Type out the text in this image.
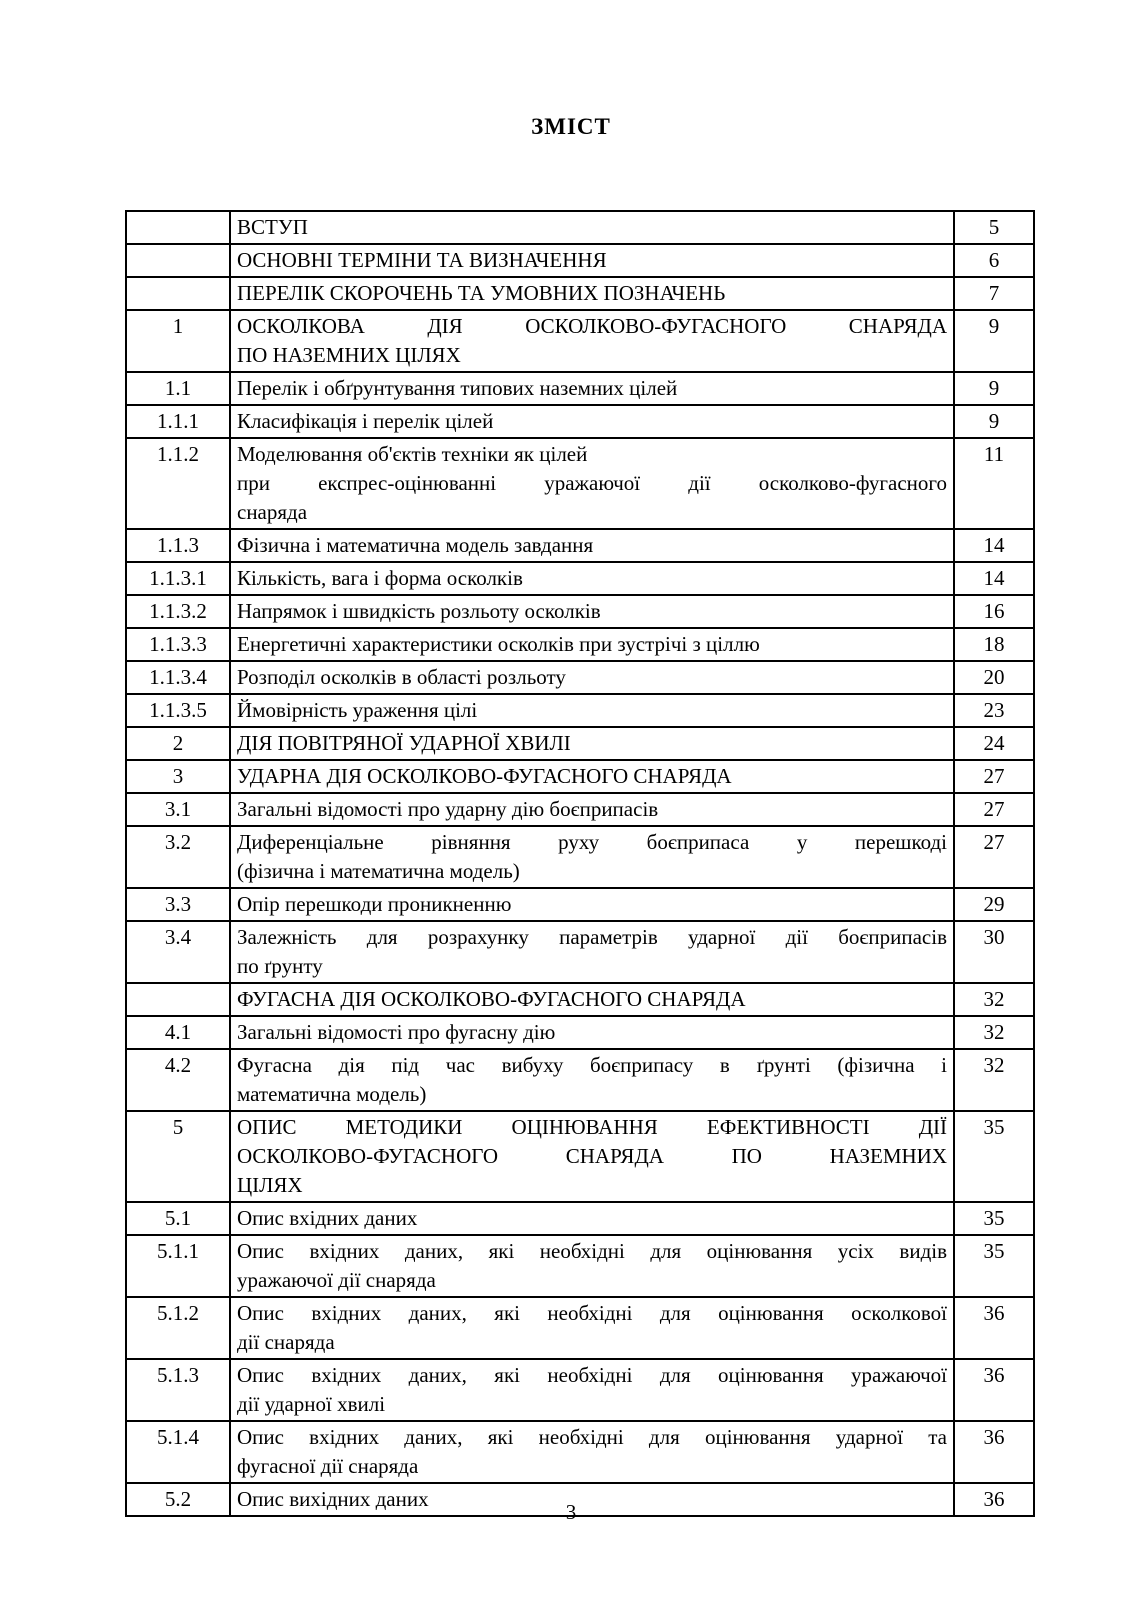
ЗМІСТ

	ВСТУП	5

	ОСНОВНІ ТЕРМІНИ ТА ВИЗНАЧЕННЯ	6

	ПЕРЕЛІК СКОРОЧЕНЬ ТА УМОВНИХ ПОЗНАЧЕНЬ	7
1	ОСКОЛКОВА ДІЯ ОСКОЛКОВО-ФУГАСНОГО СНАРЯДА
ПО НАЗЕМНИХ ЦІЛЯХ	9
1.1	Перелік і обґрунтування типових наземних цілей	9
1.1.1	Класифікація і перелік цілей	9
1.1.2	Моделювання об'єктів техніки як цілей
при експрес-оцінюванні уражаючої дії осколково-фугасного
снаряда	11
1.1.3	Фізична і математична модель завдання	14
1.1.3.1	Кількість, вага і форма осколків	14
1.1.3.2	Напрямок і швидкість розльоту осколків	16
1.1.3.3	Енергетичні характеристики осколків при зустрічі з ціллю	18
1.1.3.4	Розподіл осколків в області розльоту	20
1.1.3.5	Ймовірність ураження цілі	23
2	ДІЯ ПОВІТРЯНОЇ УДАРНОЇ ХВИЛІ	24
3	УДАРНА ДІЯ ОСКОЛКОВО-ФУГАСНОГО СНАРЯДА	27
3.1	Загальні відомості про ударну дію боєприпасів	27
3.2	Диференціальне рівняння руху боєприпаса у перешкоді
(фізична і математична модель)	27
3.3	Опір перешкоди проникненню	29
3.4	Залежність для розрахунку параметрів ударної дії боєприпасів
по ґрунту	30

	ФУГАСНА ДІЯ ОСКОЛКОВО-ФУГАСНОГО СНАРЯДА	32
4.1	Загальні відомості про фугасну дію	32
4.2	Фугасна дія під час вибуху боєприпасу в ґрунті (фізична і
математична модель)	32
5	ОПИС МЕТОДИКИ ОЦІНЮВАННЯ ЕФЕКТИВНОСТІ ДІЇ
ОСКОЛКОВО-ФУГАСНОГО СНАРЯДА ПО НАЗЕМНИХ
ЦІЛЯХ	35
5.1	Опис вхідних даних	35
5.1.1	Опис вхідних даних, які необхідні для оцінювання усіх видів
уражаючої дії снаряда	35
5.1.2	Опис вхідних даних, які необхідні для оцінювання осколкової
дії снаряда	36
5.1.3	Опис вхідних даних, які необхідні для оцінювання уражаючої
дії ударної хвилі	36
5.1.4	Опис вхідних даних, які необхідні для оцінювання ударної та
фугасної дії снаряда	36
5.2	Опис вихідних даних	36
3
